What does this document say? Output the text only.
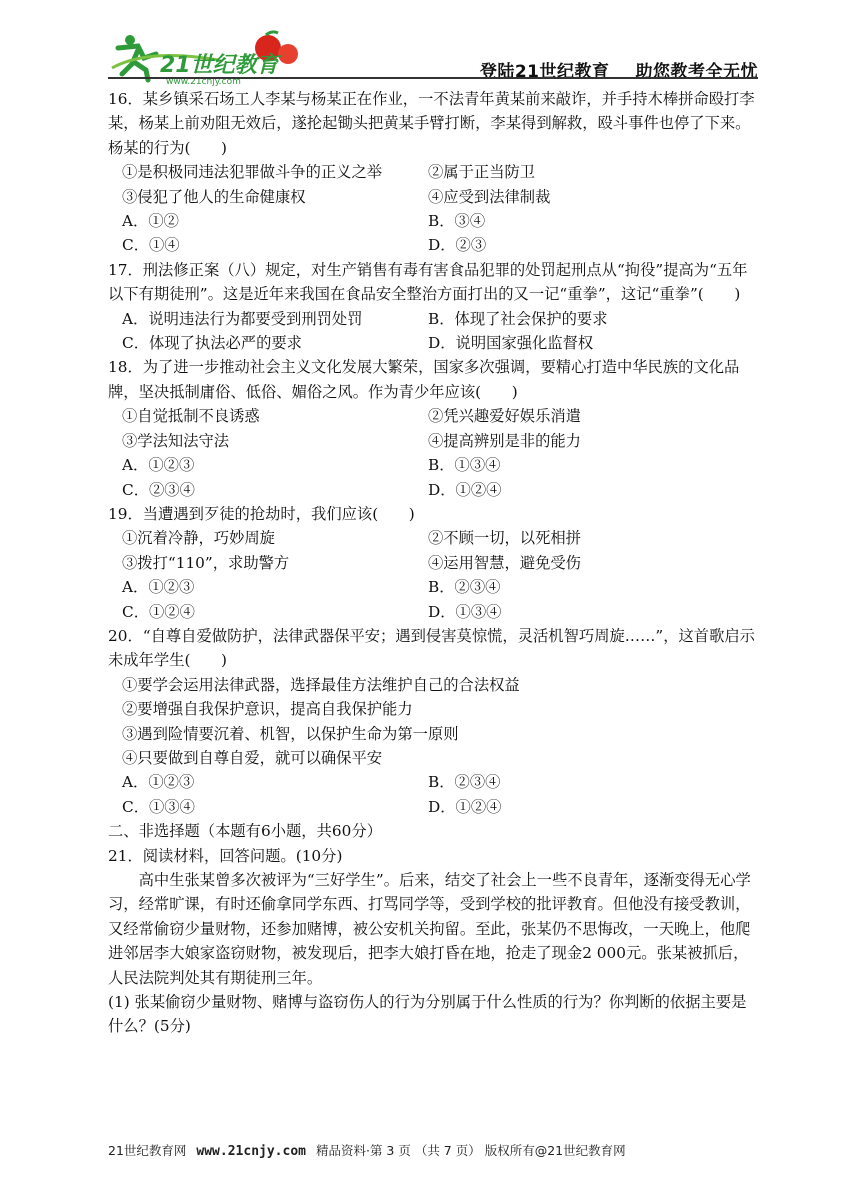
21世纪教育
www.21cnjy.com	登陆21世纪教育 助您教考全无忧

16．某乡镇采石场工人李某与杨某正在作业，一不法青年黄某前来敲诈，并手持木棒拼命殴打李某，杨某上前劝阻无效后，遂抡起锄头把黄某手臂打断，李某得到解救，殴斗事件也停了下来。杨某的行为(　　)

①是积极同违法犯罪做斗争的正义之举	②属于正当防卫
③侵犯了他人的生命健康权	④应受到法律制裁
A．①②	B．③④
C．①④	D．②③

17．刑法修正案（八）规定，对生产销售有毒有害食品犯罪的处罚起刑点从“拘役”提高为“五年以下有期徒刑”。这是近年来我国在食品安全整治方面打出的又一记“重拳”，这记“重拳”(　　)

A．说明违法行为都要受到刑罚处罚	B．体现了社会保护的要求
C．体现了执法必严的要求	D．说明国家强化监督权

18．为了进一步推动社会主义文化发展大繁荣，国家多次强调，要精心打造中华民族的文化品牌，坚决抵制庸俗、低俗、媚俗之风。作为青少年应该(　　)

①自觉抵制不良诱惑	②凭兴趣爱好娱乐消遣
③学法知法守法	④提高辨别是非的能力
A．①②③	B．①③④
C．②③④	D．①②④

19．当遭遇到歹徒的抢劫时，我们应该(　　)

①沉着冷静，巧妙周旋	②不顾一切，以死相拼
③拨打“110”，求助警方	④运用智慧，避免受伤
A．①②③	B．②③④
C．①②④	D．①③④

20．“自尊自爱做防护，法律武器保平安；遇到侵害莫惊慌，灵活机智巧周旋……”，这首歌启示未成年学生(　　)

①要学会运用法律武器，选择最佳方法维护自己的合法权益
②要增强自我保护意识，提高自我保护能力
③遇到险情要沉着、机智，以保护生命为第一原则
④只要做到自尊自爱，就可以确保平安
A．①②③	B．②③④
C．①③④	D．①②④

二、非选择题（本题有6小题，共60分）

21．阅读材料，回答问题。(10分)

高中生张某曾多次被评为“三好学生”。后来，结交了社会上一些不良青年，逐渐变得无心学习，经常旷课，有时还偷拿同学东西、打骂同学等，受到学校的批评教育。但他没有接受教训，又经常偷窃少量财物，还参加赌博，被公安机关拘留。至此，张某仍不思悔改，一天晚上，他爬进邻居李大娘家盗窃财物，被发现后，把李大娘打昏在地，抢走了现金2 000元。张某被抓后，人民法院判处其有期徒刑三年。

(1) 张某偷窃少量财物、赌博与盗窃伤人的行为分别属于什么性质的行为？你判断的依据主要是什么？(5分)

21世纪教育网 www.21cnjy.com 精品资料·第 3 页 （共 7 页） 版权所有@21世纪教育网
